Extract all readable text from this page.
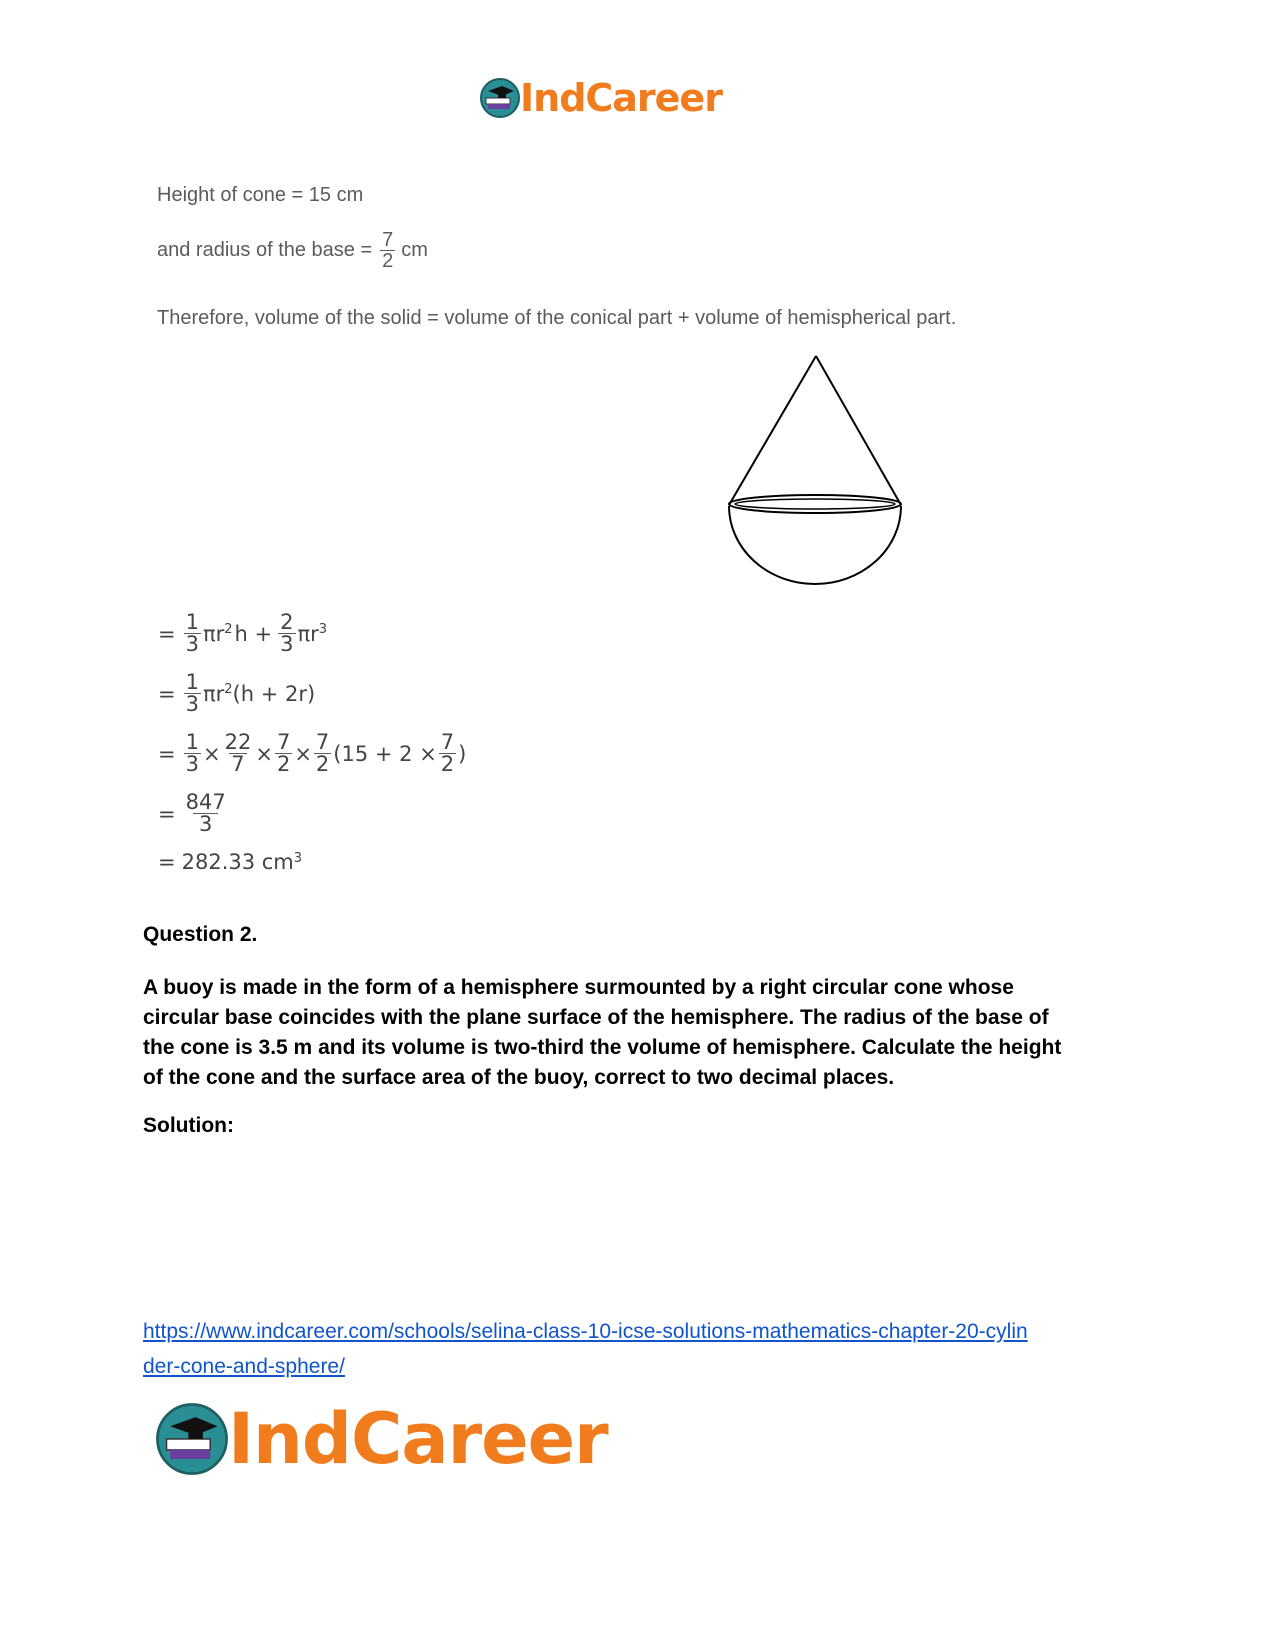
IndCareer
Height of cone = 15 cm
and radius of the base = $\frac{7}{2}$ cm
Therefore, volume of the solid = volume of the conical part + volume of hemispherical part.
= $\frac{1}{3} \pi r^2$ $h + \frac{2}{3} \pi r^3$
= $\frac{1}{3} \pi r^2$ (h + 2r)
= $\frac{1}{3} \times \frac{22}{7} \times \frac{7}{2} \times \frac{7}{2} (15 + 2 \times \frac{7}{2}$ )
= $\frac{847}{3}$
= 282.33 $cm^3$
Question 2.
A buoy is made in the form of a hemisphere surmounted by a right circular cone whose circular base coincides with the plane surface of the hemisphere. The radius of the base of the cone is 3.5 m and its volume is two-third the volume of hemisphere. Calculate the height of the cone and the surface area of the buoy, correct to two decimal places.
Solution:
https://www.indcareer.com/schools/selina-class-10-icse-solutions-mathematics-chapter-20-cylin
der-cone-and-sphere/
IndCareer
